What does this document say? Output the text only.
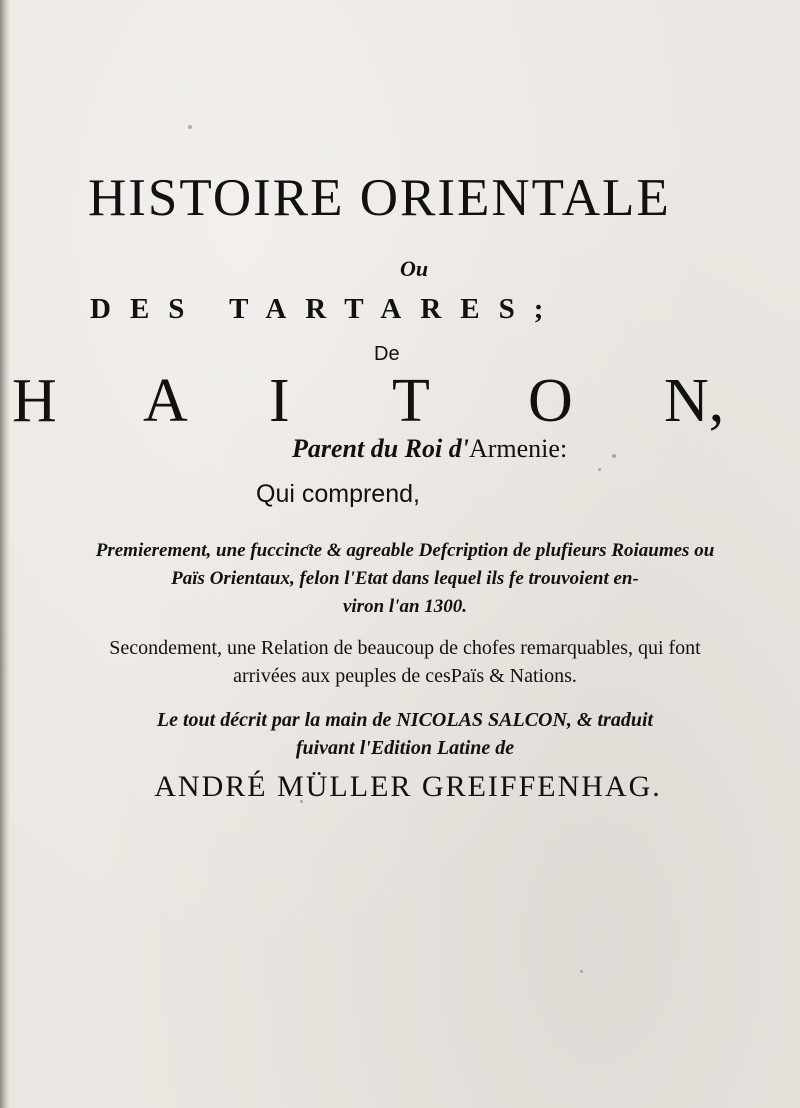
HISTOIRE ORIENTALE
Ou
DES TARTARES;
De
H A I T O N,
Parent du Roi d'Armenie:
Qui comprend,
Premierement, une fuccinƈte & agreable Defcription de plufieurs Roiaumes ou
Païs Orientaux, felon l'Etat dans lequel ils fe trouvoient en-
viron l'an 1300.
Secondement, une Relation de beaucoup de chofes remarquables, qui font
arrivées aux peuples de cesPaïs & Nations.
Le tout décrit par la main de NICOLAS SALCON, & traduit
fuivant l'Edition Latine de
ANDRÉ MÜLLER GREIFFENHAG.
